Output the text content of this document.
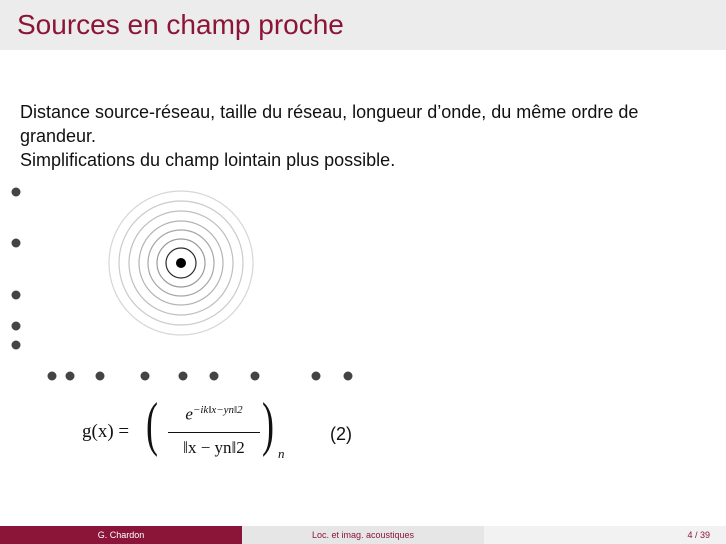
Sources en champ proche

Distance source-réseau, taille du réseau, longueur d’onde, du même ordre de grandeur.

Simplifications du champ lointain plus possible.

g(x) = (	$e^{-ik‖x-yn‖2}$
‖x − yn‖2 ) n
(2)
G. Chardon	Loc. et imag. acoustiques	4 / 39
